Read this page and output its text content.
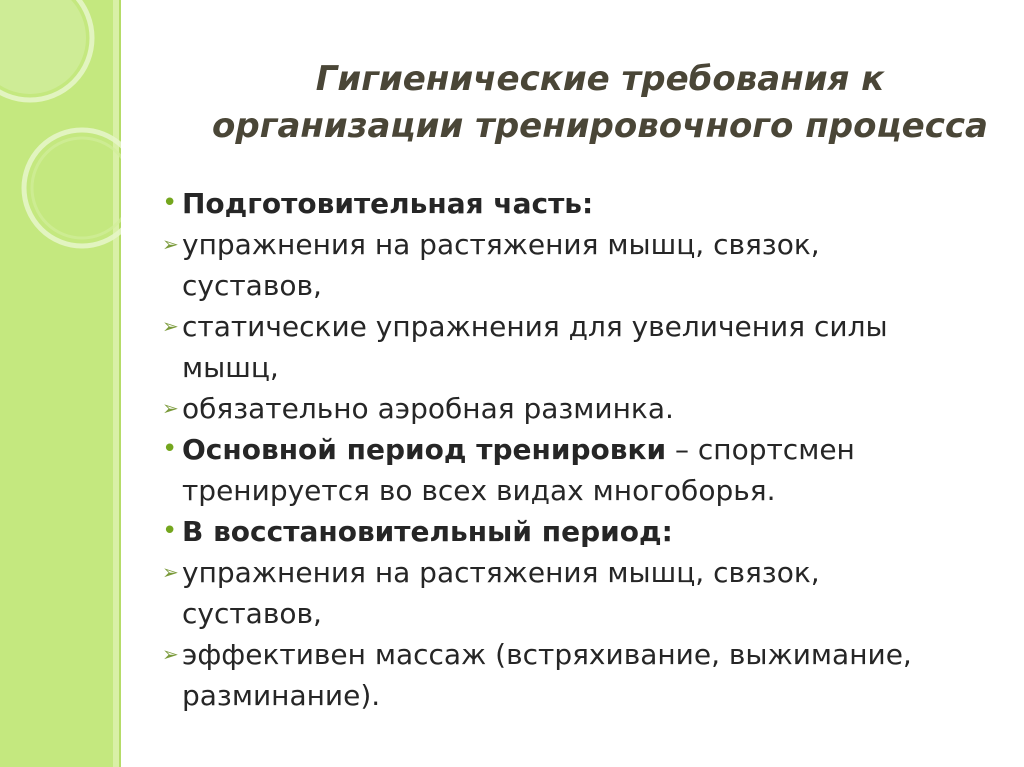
Гигиенические требования к
организации тренировочного процесса
• Подготовительная часть:
➢ упражнения на растяжения мышц, связок,
суставов,
➢ статические упражнения для увеличения силы
мышц,
➢ обязательно аэробная разминка.
• Основной период тренировки – спортсмен
тренируется во всех видах многоборья.
• В восстановительный период:
➢ упражнения на растяжения мышц, связок,
суставов,
➢ эффективен массаж (встряхивание, выжимание,
разминание).
